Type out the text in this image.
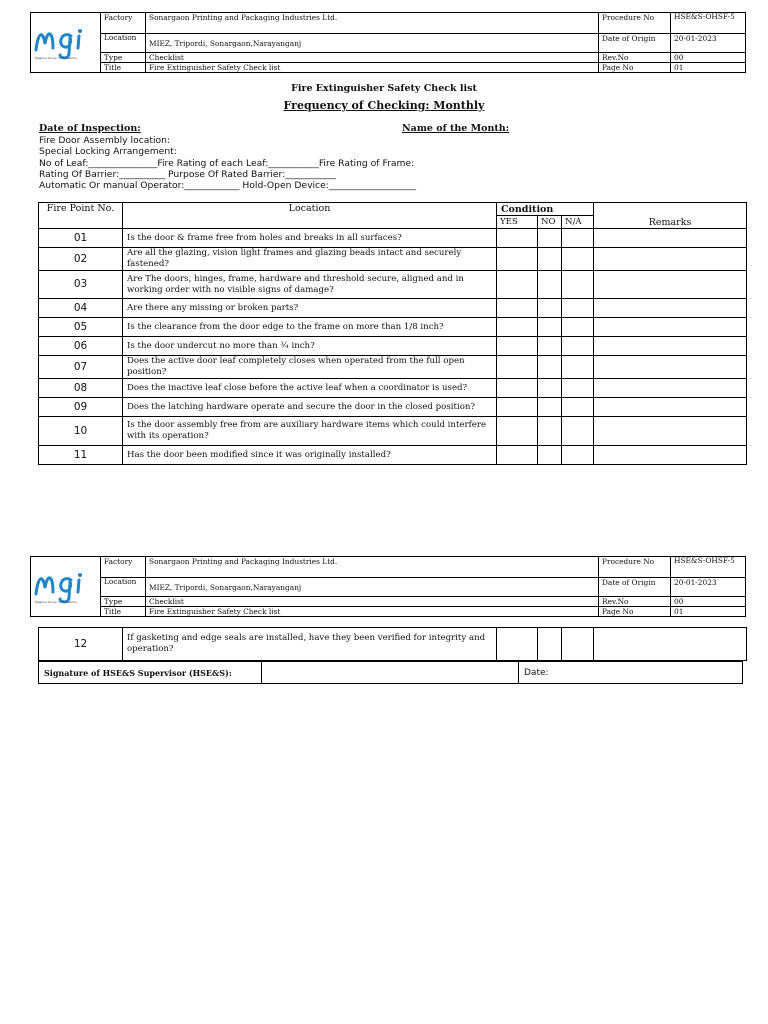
Meghna Group of Industries	Factory	Sonargaon Printing and Packaging Industries Ltd.	Procedure No	HSE&S-OHSF-5
	Location	MIEZ, Tripordi, Sonargaon,Narayanganj	Date of Origin	20-01-2023
	Type	Checklist	Rev.No	00
	Title	Fire Extinguisher Safety Check list	Page No	01
Fire Extinguisher Safety Check list
Frequency of Checking: Monthly
Date of Inspection:	Name of the Month:
Fire Door Assembly location:
Special Locking Arrangement:
No of Leaf:_______________Fire Rating of each Leaf:___________Fire Rating of Frame:
Rating Of Barrier:__________ Purpose Of Rated Barrier:___________
Automatic Or manual Operator:____________ Hold-Open Device:___________________
Fire Point No.	Location	Condition			Remarks
		YES	NO	N/A	
01	Is the door & frame free from holes and breaks in all surfaces?				
02	Are all the glazing, vision light frames and glazing beads intact and securely fastened?				
03	Are The doors, hinges, frame, hardware and threshold secure, aligned and in working order with no visible signs of damage?				
04	Are there any missing or broken parts?				
05	Is the clearance from the door edge to the frame on more than 1/8 inch?				
06	Is the door undercut no more than ¾ inch?				
07	Does the active door leaf completely closes when operated from the full open position?				
08	Does the inactive leaf close before the active leaf when a coordinator is used?				
09	Does the latching hardware operate and secure the door in the closed position?				
10	Is the door assembly free from are auxiliary hardware items which could interfere with its operation?				
11	Has the door been modified since it was originally installed?				
Meghna Group of Industries	Factory	Sonargaon Printing and Packaging Industries Ltd.	Procedure No	HSE&S-OHSF-5
	Location	MIEZ, Tripordi, Sonargaon,Narayanganj	Date of Origin	20-01-2023
	Type	Checklist	Rev.No	00
	Title	Fire Extinguisher Safety Check list	Page No	01
12	If gasketing and edge seals are installed, have they been verified for integrity and operation?				
Signature of HSE&S Supervisor (HSE&S):		Date:
